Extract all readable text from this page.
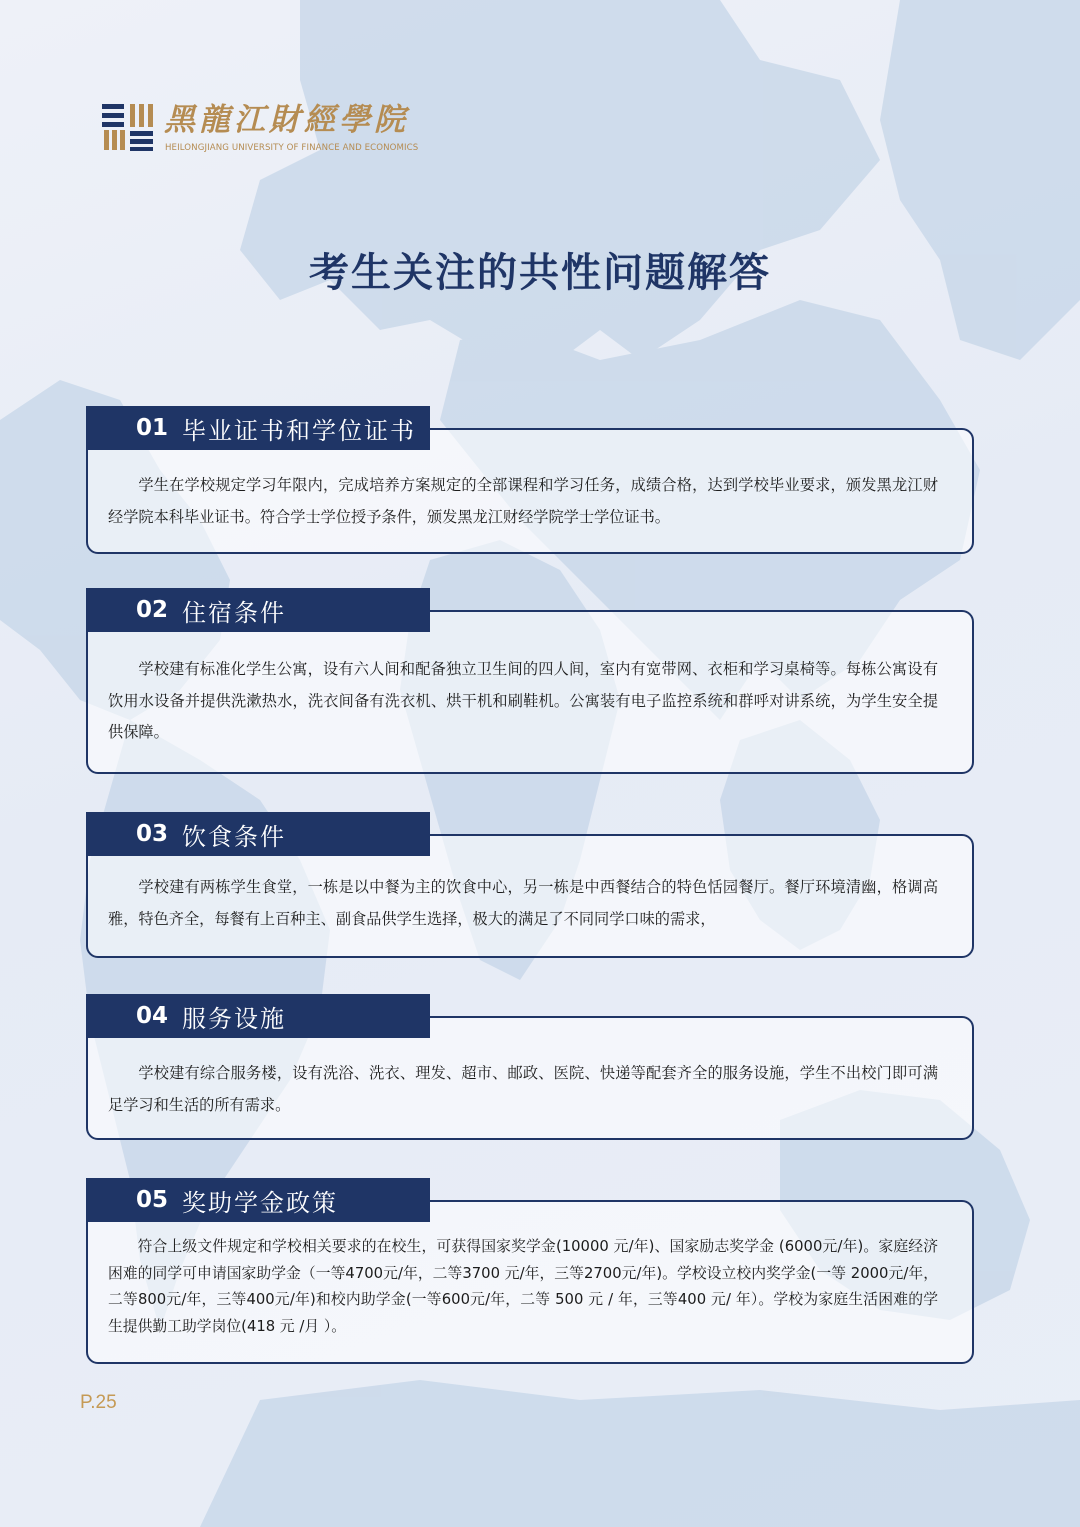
黑龍江財經學院
HEILONGJIANG UNIVERSITY OF FINANCE AND ECONOMICS
考生关注的共性问题解答
01 毕业证书和学位证书
学生在学校规定学习年限内，完成培养方案规定的全部课程和学习任务，成绩合格，达到学校毕业要求，颁发黑龙江财经学院本科毕业证书。符合学士学位授予条件，颁发黑龙江财经学院学士学位证书。
02 住宿条件
学校建有标准化学生公寓，设有六人间和配备独立卫生间的四人间，室内有宽带网、衣柜和学习桌椅等。每栋公寓设有饮用水设备并提供洗漱热水，洗衣间备有洗衣机、烘干机和刷鞋机。公寓装有电子监控系统和群呼对讲系统，为学生安全提供保障。
03 饮食条件
学校建有两栋学生食堂，一栋是以中餐为主的饮食中心，另一栋是中西餐结合的特色恬园餐厅。餐厅环境清幽，格调高雅，特色齐全，每餐有上百种主、副食品供学生选择，极大的满足了不同同学口味的需求，
04 服务设施
学校建有综合服务楼，设有洗浴、洗衣、理发、超市、邮政、医院、快递等配套齐全的服务设施，学生不出校门即可满足学习和生活的所有需求。
05 奖助学金政策
符合上级文件规定和学校相关要求的在校生，可获得国家奖学金(10000 元/年)、国家励志奖学金 (6000元/年)。家庭经济困难的同学可申请国家助学金（一等4700元/年，二等3700 元/年，三等2700元/年)。学校设立校内奖学金(一等 2000元/年，二等800元/年，三等400元/年)和校内助学金(一等600元/年，二等 500 元 / 年，三等400 元/ 年）。学校为家庭生活困难的学生提供勤工助学岗位(418 元 /月 ）。
P.25
